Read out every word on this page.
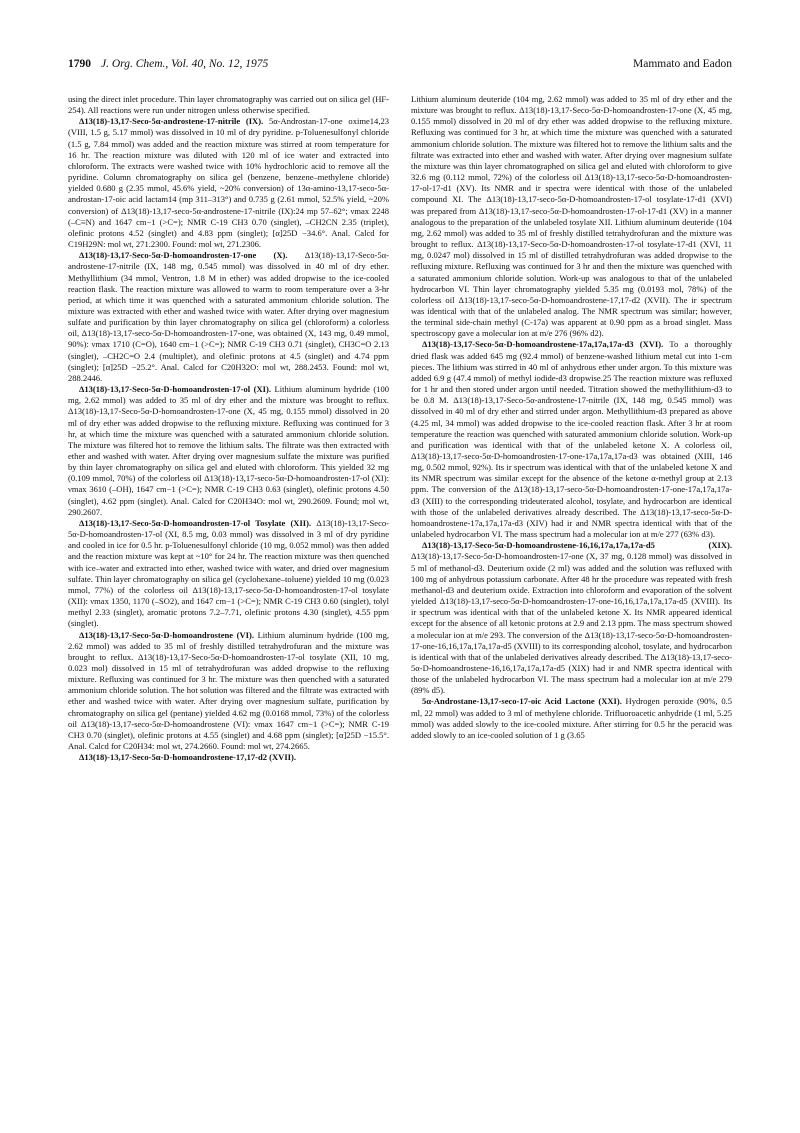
1790 J. Org. Chem., Vol. 40, No. 12, 1975	Mammato and Eadon

using the direct inlet procedure. Thin layer chromatography was carried out on silica gel (HF-254). All reactions were run under nitrogen unless otherwise specified.

Δ13(18)-13,17-Seco-5α-androstene-17-nitrile (IX). 5α-Androstan-17-one oxime14,23 (VIII, 1.5 g, 5.17 mmol) was dissolved in 10 ml of dry pyridine. p-Toluenesulfonyl chloride (1.5 g, 7.84 mmol) was added and the reaction mixture was stirred at room temperature for 16 hr. The reaction mixture was diluted with 120 ml of ice water and extracted into chloroform. The extracts were washed twice with 10% hydrochloric acid to remove all the pyridine. Column chromatography on silica gel (benzene, benzene–methylene chloride) yielded 0.680 g (2.35 mmol, 45.6% yield, ~20% conversion) of 13α-amino-13,17-seco-5α-androstan-17-oic acid lactam14 (mp 311–313°) and 0.735 g (2.61 mmol, 52.5% yield, ~20% conversion) of Δ13(18)-13,17-seco-5α-androstene-17-nitrile (IX):24 mp 57–62°; νmax 2248 (–C≡N) and 1647 cm−1 (>C=); NMR C-19 CH3 0.70 (singlet), –CH2CN 2.35 (triplet), olefinic protons 4.52 (singlet) and 4.83 ppm (singlet); [α]25D −34.6°. Anal. Calcd for C19H29N: mol wt, 271.2300. Found: mol wt, 271.2306.

Δ13(18)-13,17-Seco-5α-D-homoandrosten-17-one (X). Δ13(18)-13,17-Seco-5α-androstene-17-nitrile (IX, 148 mg, 0.545 mmol) was dissolved in 40 ml of dry ether. Methyllithium (34 mmol, Ventron, 1.8 M in ether) was added dropwise to the ice-cooled reaction flask. The reaction mixture was allowed to warm to room temperature over a 3-hr period, at which time it was quenched with a saturated ammonium chloride solution. The mixture was extracted with ether and washed twice with water. After drying over magnesium sulfate and purification by thin layer chromatography on silica gel (chloroform) a colorless oil, Δ13(18)-13,17-seco-5α-D-homoandrosten-17-one, was obtained (X, 143 mg, 0.49 mmol, 90%): νmax 1710 (C=O), 1640 cm−1 (>C=); NMR C-19 CH3 0.71 (singlet), CH3C=O 2.13 (singlet), –CH2C=O 2.4 (multiplet), and olefinic protons at 4.5 (singlet) and 4.74 ppm (singlet); [α]25D −25.2°. Anal. Calcd for C20H32O: mol wt, 288.2453. Found: mol wt, 288.2446.

Δ13(18)-13,17-Seco-5α-D-homoandrosten-17-ol (XI). Lithium aluminum hydride (100 mg, 2.62 mmol) was added to 35 ml of dry ether and the mixture was brought to reflux. Δ13(18)-13,17-Seco-5α-D-homoandrosten-17-one (X, 45 mg, 0.155 mmol) dissolved in 20 ml of dry ether was added dropwise to the refluxing mixture. Refluxing was continued for 3 hr, at which time the mixture was quenched with a saturated ammonium chloride solution. The mixture was filtered hot to remove the lithium salts. The filtrate was then extracted with ether and washed with water. After drying over magnesium sulfate the mixture was purified by thin layer chromatography on silica gel and eluted with chloroform. This yielded 32 mg (0.109 mmol, 70%) of the colorless oil Δ13(18)-13,17-seco-5α-D-homoandrosten-17-ol (XI): νmax 3610 (–OH), 1647 cm−1 (>C=); NMR C-19 CH3 0.63 (singlet), olefinic protons 4.50 (singlet), 4.62 ppm (singlet). Anal. Calcd for C20H34O: mol wt, 290.2609. Found; mol wt, 290.2607.

Δ13(18)-13,17-Seco-5α-D-homoandrosten-17-ol Tosylate (XII). Δ13(18)-13,17-Seco-5α-D-homoandrosten-17-ol (XI, 8.5 mg, 0.03 mmol) was dissolved in 3 ml of dry pyridine and cooled in ice for 0.5 hr. p-Toluenesulfonyl chloride (10 mg, 0.052 mmol) was then added and the reaction mixture was kept at ~10° for 24 hr. The reaction mixture was then quenched with ice–water and extracted into ether, washed twice with water, and dried over magnesium sulfate. Thin layer chromatography on silica gel (cyclohexane–toluene) yielded 10 mg (0.023 mmol, 77%) of the colorless oil Δ13(18)-13,17-seco-5α-D-homoandrosten-17-ol tosylate (XII): νmax 1350, 1170 (–SO2), and 1647 cm−1 (>C=); NMR C-19 CH3 0.60 (singlet), tolyl methyl 2.33 (singlet), aromatic protons 7.2–7.71, olefinic protons 4.30 (singlet), 4.55 ppm (singlet).

Δ13(18)-13,17-Seco-5α-D-homoandrostene (VI). Lithium aluminum hydride (100 mg, 2.62 mmol) was added to 35 ml of freshly distilled tetrahydrofuran and the mixture was brought to reflux. Δ13(18)-13,17-Seco-5α-D-homoandrosten-17-ol tosylate (XII, 10 mg, 0.023 mol) dissolved in 15 ml of tetrahydrofuran was added dropwise to the refluxing mixture. Refluxing was continued for 3 hr. The mixture was then quenched with a saturated ammonium chloride solution. The hot solution was filtered and the filtrate was extracted with ether and washed twice with water. After drying over magnesium sulfate, purification by chromatography on silica gel (pentane) yielded 4.62 mg (0.0168 mmol, 73%) of the colorless oil Δ13(18)-13,17-seco-5α-D-homoandrostene (VI): νmax 1647 cm−1 (>C=); NMR C-19 CH3 0.70 (singlet), olefinic protons at 4.55 (singlet) and 4.68 ppm (singlet); [α]25D −15.5°. Anal. Calcd for C20H34: mol wt, 274.2660. Found: mol wt, 274.2665.

Δ13(18)-13,17-Seco-5α-D-homoandrostene-17,17-d2 (XVII).

Lithium aluminum deuteride (104 mg, 2.62 mmol) was added to 35 ml of dry ether and the mixture was brought to reflux. Δ13(18)-13,17-Seco-5α-D-homoandrosten-17-one (X, 45 mg, 0.155 mmol) dissolved in 20 ml of dry ether was added dropwise to the refluxing mixture. Refluxing was continued for 3 hr, at which time the mixture was quenched with a saturated ammonium chloride solution. The mixture was filtered hot to remove the lithium salts and the filtrate was extracted into ether and washed with water. After drying over magnesium sulfate the mixture was thin layer chromatographed on silica gel and eluted with chloroform to give 32.6 mg (0.112 mmol, 72%) of the colorless oil Δ13(18)-13,17-seco-5α-D-homoandrosten-17-ol-17-d1 (XV). Its NMR and ir spectra were identical with those of the unlabeled compound XI. The Δ13(18)-13,17-seco-5α-D-homoandrosten-17-ol tosylate-17-d1 (XVI) was prepared from Δ13(18)-13,17-seco-5α-D-homoandrosten-17-ol-17-d1 (XV) in a manner analogous to the preparation of the unlabeled tosylate XII. Lithium aluminum deuteride (104 mg, 2.62 mmol) was added to 35 ml of freshly distilled tetrahydrofuran and the mixture was brought to reflux. Δ13(18)-13,17-Seco-5α-D-homoandrosten-17-ol tosylate-17-d1 (XVI, 11 mg, 0.0247 mol) dissolved in 15 ml of distilled tetrahydrofuran was added dropwise to the refluxing mixture. Refluxing was continued for 3 hr and then the mixture was quenched with a saturated ammonium chloride solution. Work-up was analogous to that of the unlabeled hydrocarbon VI. Thin layer chromatography yielded 5.35 mg (0.0193 mol, 78%) of the colorless oil Δ13(18)-13,17-seco-5α-D-homoandrostene-17,17-d2 (XVII). The ir spectrum was identical with that of the unlabeled analog. The NMR spectrum was similar; however, the terminal side-chain methyl (C-17a) was apparent at 0.90 ppm as a broad singlet. Mass spectroscopy gave a molecular ion at m/e 276 (96% d2).

Δ13(18)-13,17-Seco-5α-D-homoandrostene-17a,17a,17a-d3 (XVI). To a thoroughly dried flask was added 645 mg (92.4 mmol) of benzene-washed lithium metal cut into 1-cm pieces. The lithium was stirred in 40 ml of anhydrous ether under argon. To this mixture was added 6.9 g (47.4 mmol) of methyl iodide-d3 dropwise.25 The reaction mixture was refluxed for 1 hr and then stored under argon until needed. Titration showed the methyllithium-d3 to be 0.8 M. Δ13(18)-13,17-Seco-5α-androstene-17-nitrile (IX, 148 mg, 0.545 mmol) was dissolved in 40 ml of dry ether and stirred under argon. Methyllithium-d3 prepared as above (4.25 ml, 34 mmol) was added dropwise to the ice-cooled reaction flask. After 3 hr at room temperature the reaction was quenched with saturated ammonium chloride solution. Work-up and purification was identical with that of the unlabeled ketone X. A colorless oil, Δ13(18)-13,17-seco-5α-D-homoandrosten-17-one-17a,17a,17a-d3 was obtained (XIII, 146 mg, 0.502 mmol, 92%). Its ir spectrum was identical with that of the unlabeled ketone X and its NMR spectrum was similar except for the absence of the ketone α-methyl group at 2.13 ppm. The conversion of the Δ13(18)-13,17-seco-5α-D-homoandrosten-17-one-17a,17a,17a-d3 (XIII) to the corresponding trideuterated alcohol, tosylate, and hydrocarbon are identical with those of the unlabeled derivatives already described. The Δ13(18)-13,17-seco-5α-D-homoandrostene-17a,17a,17a-d3 (XIV) had ir and NMR spectra identical with that of the unlabeled hydrocarbon VI. The mass spectrum had a molecular ion at m/e 277 (63% d3).

Δ13(18)-13,17-Seco-5α-D-homoandrostene-16,16,17a,17a,17a-d5 (XIX). Δ13(18)-13,17-Seco-5α-D-homoandrosten-17-one (X, 37 mg, 0.128 mmol) was dissolved in 5 ml of methanol-d3. Deuterium oxide (2 ml) was added and the solution was refluxed with 100 mg of anhydrous potassium carbonate. After 48 hr the procedure was repeated with fresh methanol-d3 and deuterium oxide. Extraction into chloroform and evaporation of the solvent yielded Δ13(18)-13,17-seco-5α-D-homoandrosten-17-one-16,16,17a,17a,17a-d5 (XVIII). Its ir spectrum was identical with that of the unlabeled ketone X. Its NMR appeared identical except for the absence of all ketonic protons at 2.9 and 2.13 ppm. The mass spectrum showed a molecular ion at m/e 293. The conversion of the Δ13(18)-13,17-seco-5α-D-homoandrosten-17-one-16,16,17a,17a,17a-d5 (XVIII) to its corresponding alcohol, tosylate, and hydrocarbon is identical with that of the unlabeled derivatives already described. The Δ13(18)-13,17-seco-5α-D-homoandrostene-16,16,17a,17a,17a-d5 (XIX) had ir and NMR spectra identical with those of the unlabeled hydrocarbon VI. The mass spectrum had a molecular ion at m/e 279 (89% d5).

5α-Androstane-13,17-seco-17-oic Acid Lactone (XXI). Hydrogen peroxide (90%, 0.5 ml, 22 mmol) was added to 3 ml of methylene chloride. Trifluoroacetic anhydride (1 ml, 5.25 mmol) was added slowly to the ice-cooled mixture. After stirring for 0.5 hr the peracid was added slowly to an ice-cooled solution of 1 g (3.65
